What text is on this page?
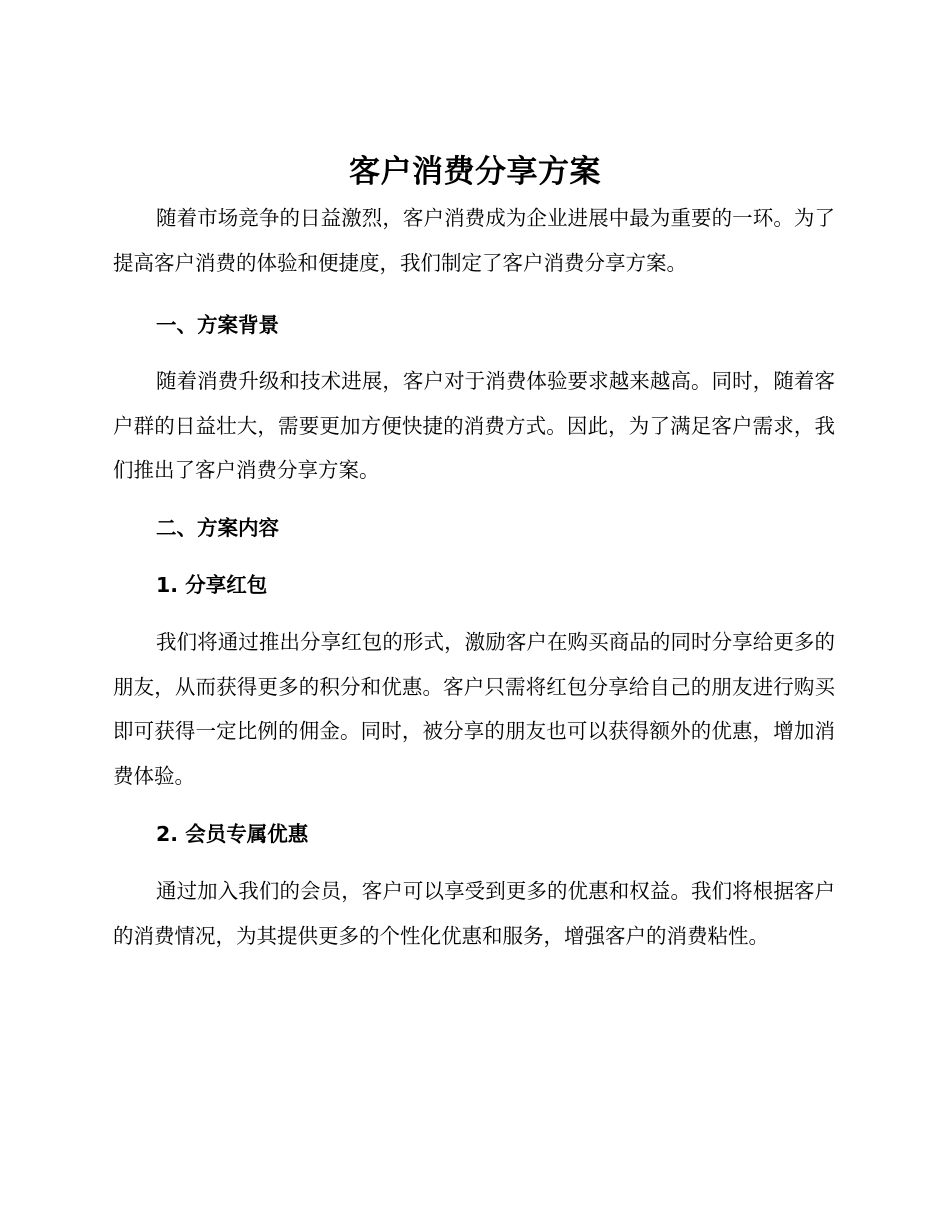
客户消费分享方案

随着市场竞争的日益激烈，客户消费成为企业进展中最为重要的一环。为了提高客户消费的体验和便捷度，我们制定了客户消费分享方案。

一、方案背景

随着消费升级和技术进展，客户对于消费体验要求越来越高。同时，随着客户群的日益壮大，需要更加方便快捷的消费方式。因此，为了满足客户需求，我们推出了客户消费分享方案。

二、方案内容
1. 分享红包

我们将通过推出分享红包的形式，激励客户在购买商品的同时分享给更多的朋友，从而获得更多的积分和优惠。客户只需将红包分享给自己的朋友进行购买即可获得一定比例的佣金。同时，被分享的朋友也可以获得额外的优惠，增加消费体验。

2. 会员专属优惠

通过加入我们的会员，客户可以享受到更多的优惠和权益。我们将根据客户的消费情况，为其提供更多的个性化优惠和服务，增强客户的消费粘性。
